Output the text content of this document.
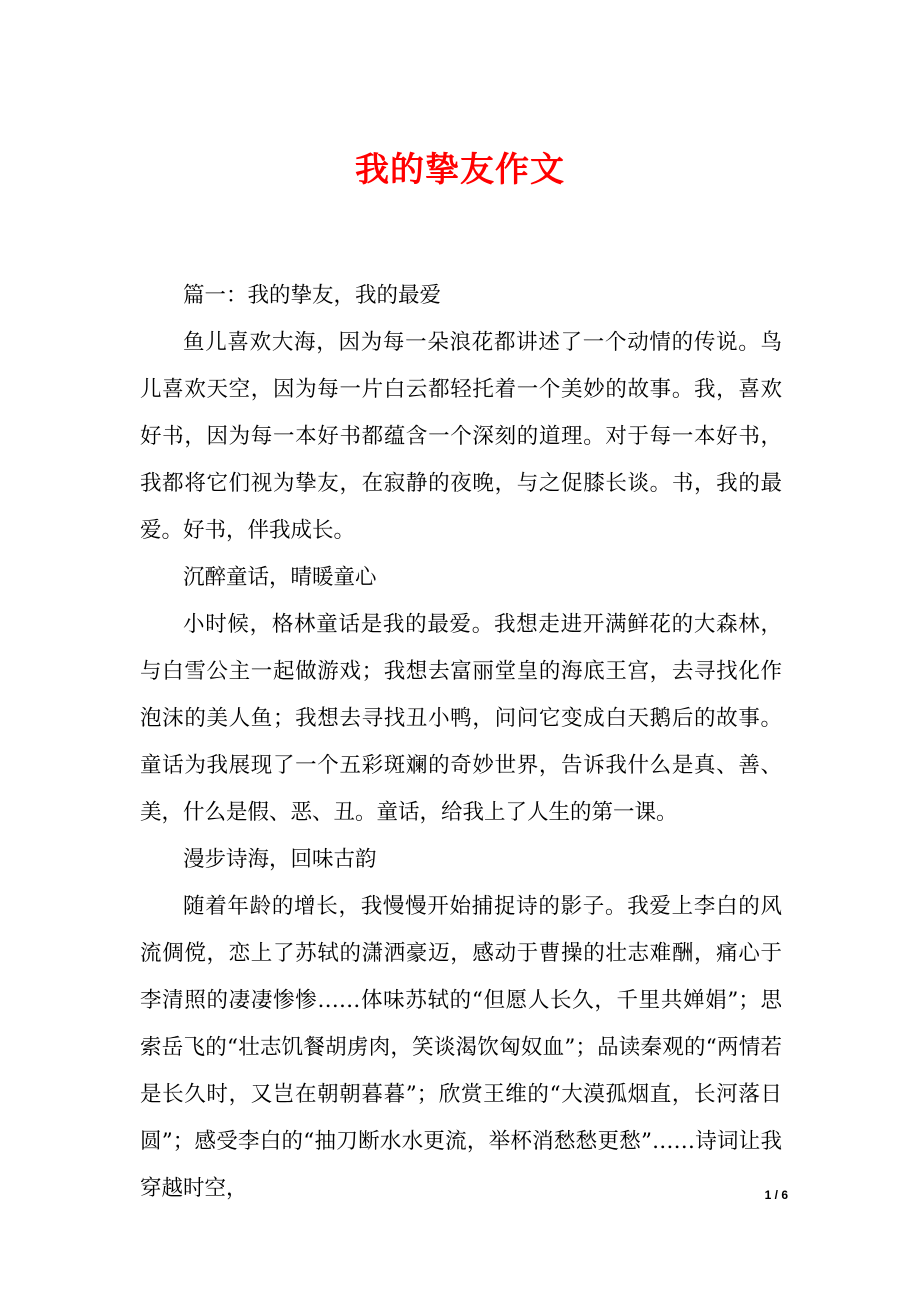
我的挚友作文

篇一：我的挚友，我的最爱

鱼儿喜欢大海，因为每一朵浪花都讲述了一个动情的传说。鸟儿喜欢天空，因为每一片白云都轻托着一个美妙的故事。我，喜欢好书，因为每一本好书都蕴含一个深刻的道理。对于每一本好书，我都将它们视为挚友，在寂静的夜晚，与之促膝长谈。书，我的最爱。好书，伴我成长。

沉醉童话，晴暖童心

小时候，格林童话是我的最爱。我想走进开满鲜花的大森林，与白雪公主一起做游戏；我想去富丽堂皇的海底王宫，去寻找化作泡沫的美人鱼；我想去寻找丑小鸭，问问它变成白天鹅后的故事。童话为我展现了一个五彩斑斓的奇妙世界，告诉我什么是真、善、美，什么是假、恶、丑。童话，给我上了人生的第一课。

漫步诗海，回味古韵

随着年龄的增长，我慢慢开始捕捉诗的影子。我爱上李白的风流倜傥，恋上了苏轼的潇洒豪迈，感动于曹操的壮志难酬，痛心于李清照的凄凄惨惨……体味苏轼的“但愿人长久，千里共婵娟”；思索岳飞的“壮志饥餐胡虏肉，笑谈渴饮匈奴血”；品读秦观的“两情若是长久时，又岂在朝朝暮暮”；欣赏王维的“大漠孤烟直，长河落日圆”；感受李白的“抽刀断水水更流，举杯消愁愁更愁”……诗词让我穿越时空，	1 / 6
